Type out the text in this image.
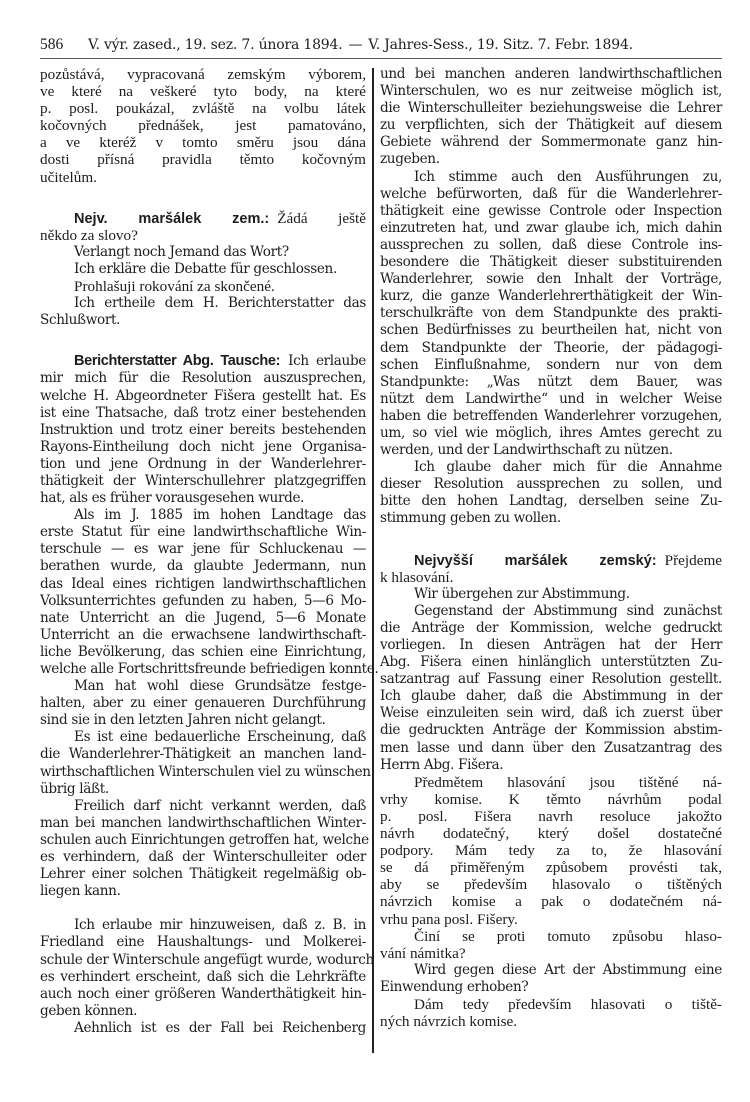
586	V. výr. zased., 19. sez. 7. února 1894. — V. Jahres-Sess., 19. Sitz. 7. Febr. 1894.
pozůstává, vypracovaná zemským výborem,
ve které na veškeré tyto body, na které
p. posl. poukázal, zvláště na volbu látek
kočovných přednášek, jest pamatováno,
a ve kteréž v tomto směru jsou dána
dosti přísná pravidla těmto kočovným
učitelům.
Nejv. maršálek zem.: Žádá ještě
někdo za slovo?
Verlangt noch Jemand das Wort?
Ich erkläre die Debatte für geschlossen.
Prohlašuji rokování za skončené.
Ich ertheile dem H. Berichterstatter das
Schlußwort.
Berichterstatter Abg. Tausche: Ich erlaube
mir mich für die Resolution auszusprechen,
welche H. Abgeordneter Fišera gestellt hat. Es
ist eine Thatsache, daß trotz einer bestehenden
Instruktion und trotz einer bereits bestehenden
Rayons-Eintheilung doch nicht jene Organisa-
tion und jene Ordnung in der Wanderlehrer-
thätigkeit der Winterschullehrer platzgegriffen
hat, als es früher vorausgesehen wurde.
Als im J. 1885 im hohen Landtage das
erste Statut für eine landwirthschaftliche Win-
terschule — es war jene für Schluckenau —
berathen wurde, da glaubte Jedermann, nun
das Ideal eines richtigen landwirthschaftlichen
Volksunterrichtes gefunden zu haben, 5—6 Mo-
nate Unterricht an die Jugend, 5—6 Monate
Unterricht an die erwachsene landwirthschaft-
liche Bevölkerung, das schien eine Einrichtung,
welche alle Fortschrittsfreunde befriedigen konnte.
Man hat wohl diese Grundsätze festge-
halten, aber zu einer genaueren Durchführung
sind sie in den letzten Jahren nicht gelangt.
Es ist eine bedauerliche Erscheinung, daß
die Wanderlehrer-Thätigkeit an manchen land-
wirthschaftlichen Winterschulen viel zu wünschen
übrig läßt.
Freilich darf nicht verkannt werden, daß
man bei manchen landwirthschaftlichen Winter-
schulen auch Einrichtungen getroffen hat, welche
es verhindern, daß der Winterschulleiter oder
Lehrer einer solchen Thätigkeit regelmäßig ob-
liegen kann.
Ich erlaube mir hinzuweisen, daß z. B. in
Friedland eine Haushaltungs- und Molkerei-
schule der Winterschule angefügt wurde, wodurch
es verhindert erscheint, daß sich die Lehrkräfte
auch noch einer größeren Wanderthätigkeit hin-
geben können.
Aehnlich ist es der Fall bei Reichenberg
und bei manchen anderen landwirthschaftlichen
Winterschulen, wo es nur zeitweise möglich ist,
die Winterschulleiter beziehungsweise die Lehrer
zu verpflichten, sich der Thätigkeit auf diesem
Gebiete während der Sommermonate ganz hin-
zugeben.
Ich stimme auch den Ausführungen zu,
welche befürworten, daß für die Wanderlehrer-
thätigkeit eine gewisse Controle oder Inspection
einzutreten hat, und zwar glaube ich, mich dahin
aussprechen zu sollen, daß diese Controle ins-
besondere die Thätigkeit dieser substituirenden
Wanderlehrer, sowie den Inhalt der Vorträge,
kurz, die ganze Wanderlehrerthätigkeit der Win-
terschulkräfte von dem Standpunkte des prakti-
schen Bedürfnisses zu beurtheilen hat, nicht von
dem Standpunkte der Theorie, der pädagogi-
schen Einflußnahme, sondern nur von dem
Standpunkte: „Was nützt dem Bauer, was
nützt dem Landwirthe“ und in welcher Weise
haben die betreffenden Wanderlehrer vorzugehen,
um, so viel wie möglich, ihres Amtes gerecht zu
werden, und der Landwirthschaft zu nützen.
Ich glaube daher mich für die Annahme
dieser Resolution aussprechen zu sollen, und
bitte den hohen Landtag, derselben seine Zu-
stimmung geben zu wollen.
Nejvyšší maršálek zemský: Přejdeme
k hlasování.
Wir übergehen zur Abstimmung.
Gegenstand der Abstimmung sind zunächst
die Anträge der Kommission, welche gedruckt
vorliegen. In diesen Anträgen hat der Herr
Abg. Fišera einen hinlänglich unterstützten Zu-
satzantrag auf Fassung einer Resolution gestellt.
Ich glaube daher, daß die Abstimmung in der
Weise einzuleiten sein wird, daß ich zuerst über
die gedruckten Anträge der Kommission abstim-
men lasse und dann über den Zusatzantrag des
Herrn Abg. Fišera.
Předmětem hlasování jsou tištěné ná-
vrhy komise. K těmto návrhům podal
p. posl. Fišera navrh resoluce jakožto
návrh dodatečný, který došel dostatečné
podpory. Mám tedy za to, že hlasování
se dá přiměřeným způsobem provésti tak,
aby se především hlasovalo o tištěných
návrzich komise a pak o dodatečném ná-
vrhu pana posl. Fišery.
Činí se proti tomuto způsobu hlaso-
vání námitka?
Wird gegen diese Art der Abstimmung eine
Einwendung erhoben?
Dám tedy především hlasovati o tiště-
ných návrzich komise.
